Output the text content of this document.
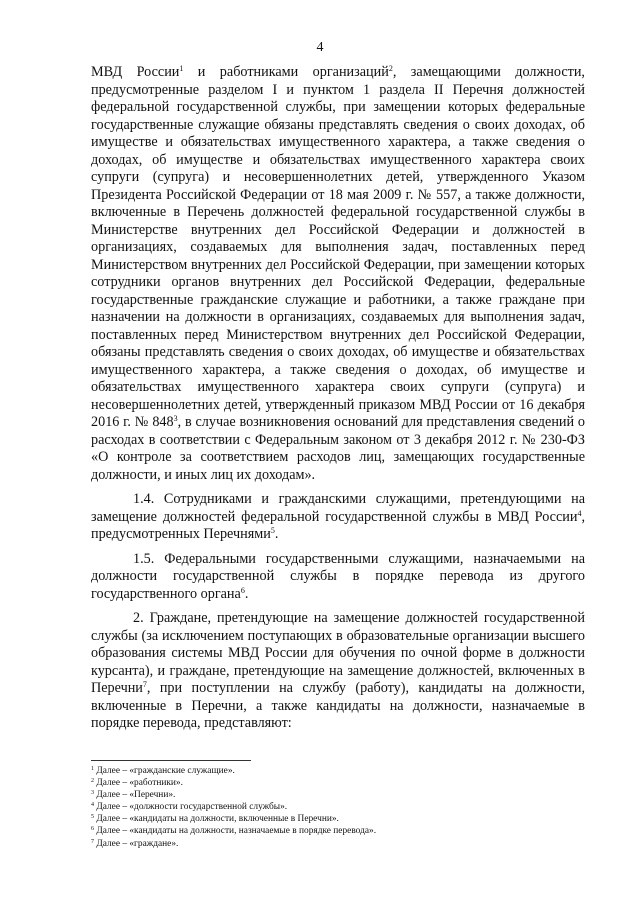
4

МВД России$^1$ и работниками организаций$^2$, замещающими должности, предусмотренные разделом I и пунктом 1 раздела II Перечня должностей федеральной государственной службы, при замещении которых федеральные государственные служащие обязаны представлять сведения о своих доходах, об имуществе и обязательствах имущественного характера, а также сведения о доходах, об имуществе и обязательствах имущественного характера своих супруги (супруга) и несовершеннолетних детей, утвержденного Указом Президента Российской Федерации от 18 мая 2009 г. № 557, а также должности, включенные в Перечень должностей федеральной государственной службы в Министерстве внутренних дел Российской Федерации и должностей в организациях, создаваемых для выполнения задач, поставленных перед Министерством внутренних дел Российской Федерации, при замещении которых сотрудники органов внутренних дел Российской Федерации, федеральные государственные гражданские служащие и работники, а также граждане при назначении на должности в организациях, создаваемых для выполнения задач, поставленных перед Министерством внутренних дел Российской Федерации, обязаны представлять сведения о своих доходах, об имуществе и обязательствах имущественного характера, а также сведения о доходах, об имуществе и обязательствах имущественного характера своих супруги (супруга) и несовершеннолетних детей, утвержденный приказом МВД России от 16 декабря 2016 г. № $848^3$, в случае возникновения оснований для представления сведений о расходах в соответствии с Федеральным законом от 3 декабря 2012 г. № 230-ФЗ «О контроле за соответствием расходов лиц, замещающих государственные должности, и иных лиц их доходам».

1.4. Сотрудниками и гражданскими служащими, претендующими на замещение должностей федеральной государственной службы в МВД России$^4$, предусмотренных Перечнями$^5$.

1.5. Федеральными государственными служащими, назначаемыми на должности государственной службы в порядке перевода из другого государственного органа$^6$.

2. Граждане, претендующие на замещение должностей государственной службы (за исключением поступающих в образовательные организации высшего образования системы МВД России для обучения по очной форме в должности курсанта), и граждане, претендующие на замещение должностей, включенных в Перечни$^7$, при поступлении на службу (работу), кандидаты на должности, включенные в Перечни, а также кандидаты на должности, назначаемые в порядке перевода, представляют:

$^1$ Далее – «гражданские служащие».
$^2$ Далее – «работники».
$^3$ Далее – «Перечни».
$^4$ Далее – «должности государственной службы».
$^5$ Далее – «кандидаты на должности, включенные в Перечни».
$^6$ Далее – «кандидаты на должности, назначаемые в порядке перевода».
$^7$ Далее – «граждане».
